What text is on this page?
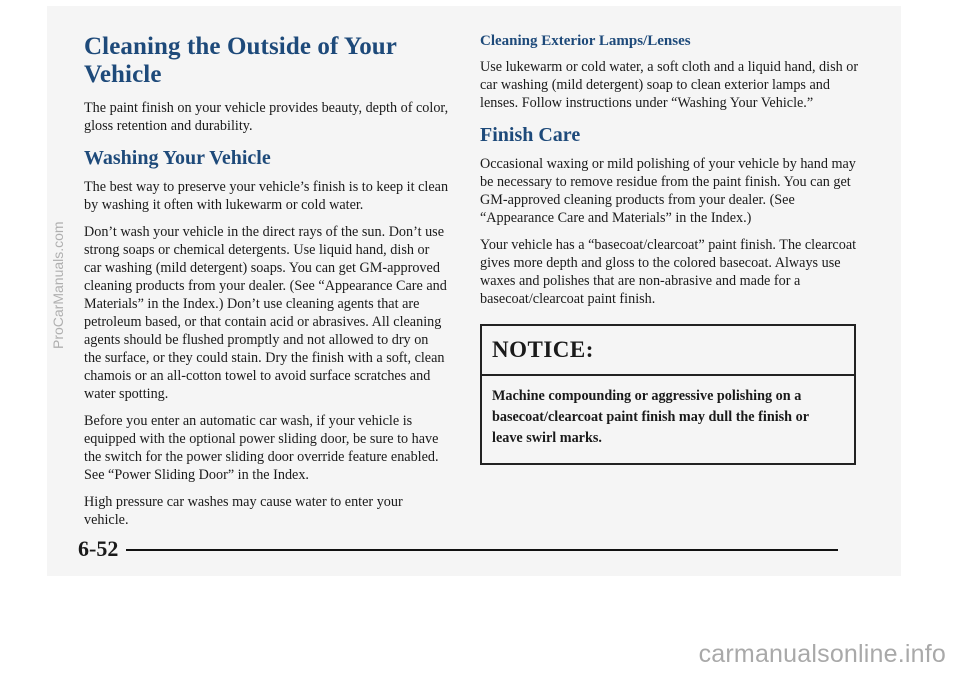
Cleaning the Outside of Your Vehicle

The paint finish on your vehicle provides beauty, depth of color, gloss retention and durability.

Washing Your Vehicle

The best way to preserve your vehicle’s finish is to keep it clean by washing it often with lukewarm or cold water.

Don’t wash your vehicle in the direct rays of the sun. Don’t use strong soaps or chemical detergents. Use liquid hand, dish or car washing (mild detergent) soaps. You can get GM-approved cleaning products from your dealer. (See “Appearance Care and Materials” in the Index.) Don’t use cleaning agents that are petroleum based, or that contain acid or abrasives. All cleaning agents should be flushed promptly and not allowed to dry on the surface, or they could stain. Dry the finish with a soft, clean chamois or an all-cotton towel to avoid surface scratches and water spotting.

Before you enter an automatic car wash, if your vehicle is equipped with the optional power sliding door, be sure to have the switch for the power sliding door override feature enabled. See “Power Sliding Door” in the Index.

High pressure car washes may cause water to enter your vehicle.

Cleaning Exterior Lamps/Lenses

Use lukewarm or cold water, a soft cloth and a liquid hand, dish or car washing (mild detergent) soap to clean exterior lamps and lenses. Follow instructions under “Washing Your Vehicle.”

Finish Care

Occasional waxing or mild polishing of your vehicle by hand may be necessary to remove residue from the paint finish. You can get GM-approved cleaning products from your dealer. (See “Appearance Care and Materials” in the Index.)

Your vehicle has a “basecoat/clearcoat” paint finish. The clearcoat gives more depth and gloss to the colored basecoat. Always use waxes and polishes that are non-abrasive and made for a basecoat/clearcoat paint finish.

NOTICE:
Machine compounding or aggressive polishing on a basecoat/clearcoat paint finish may dull the finish or leave swirl marks.
6-52
ProCarManuals.com
carmanualsonline.info
